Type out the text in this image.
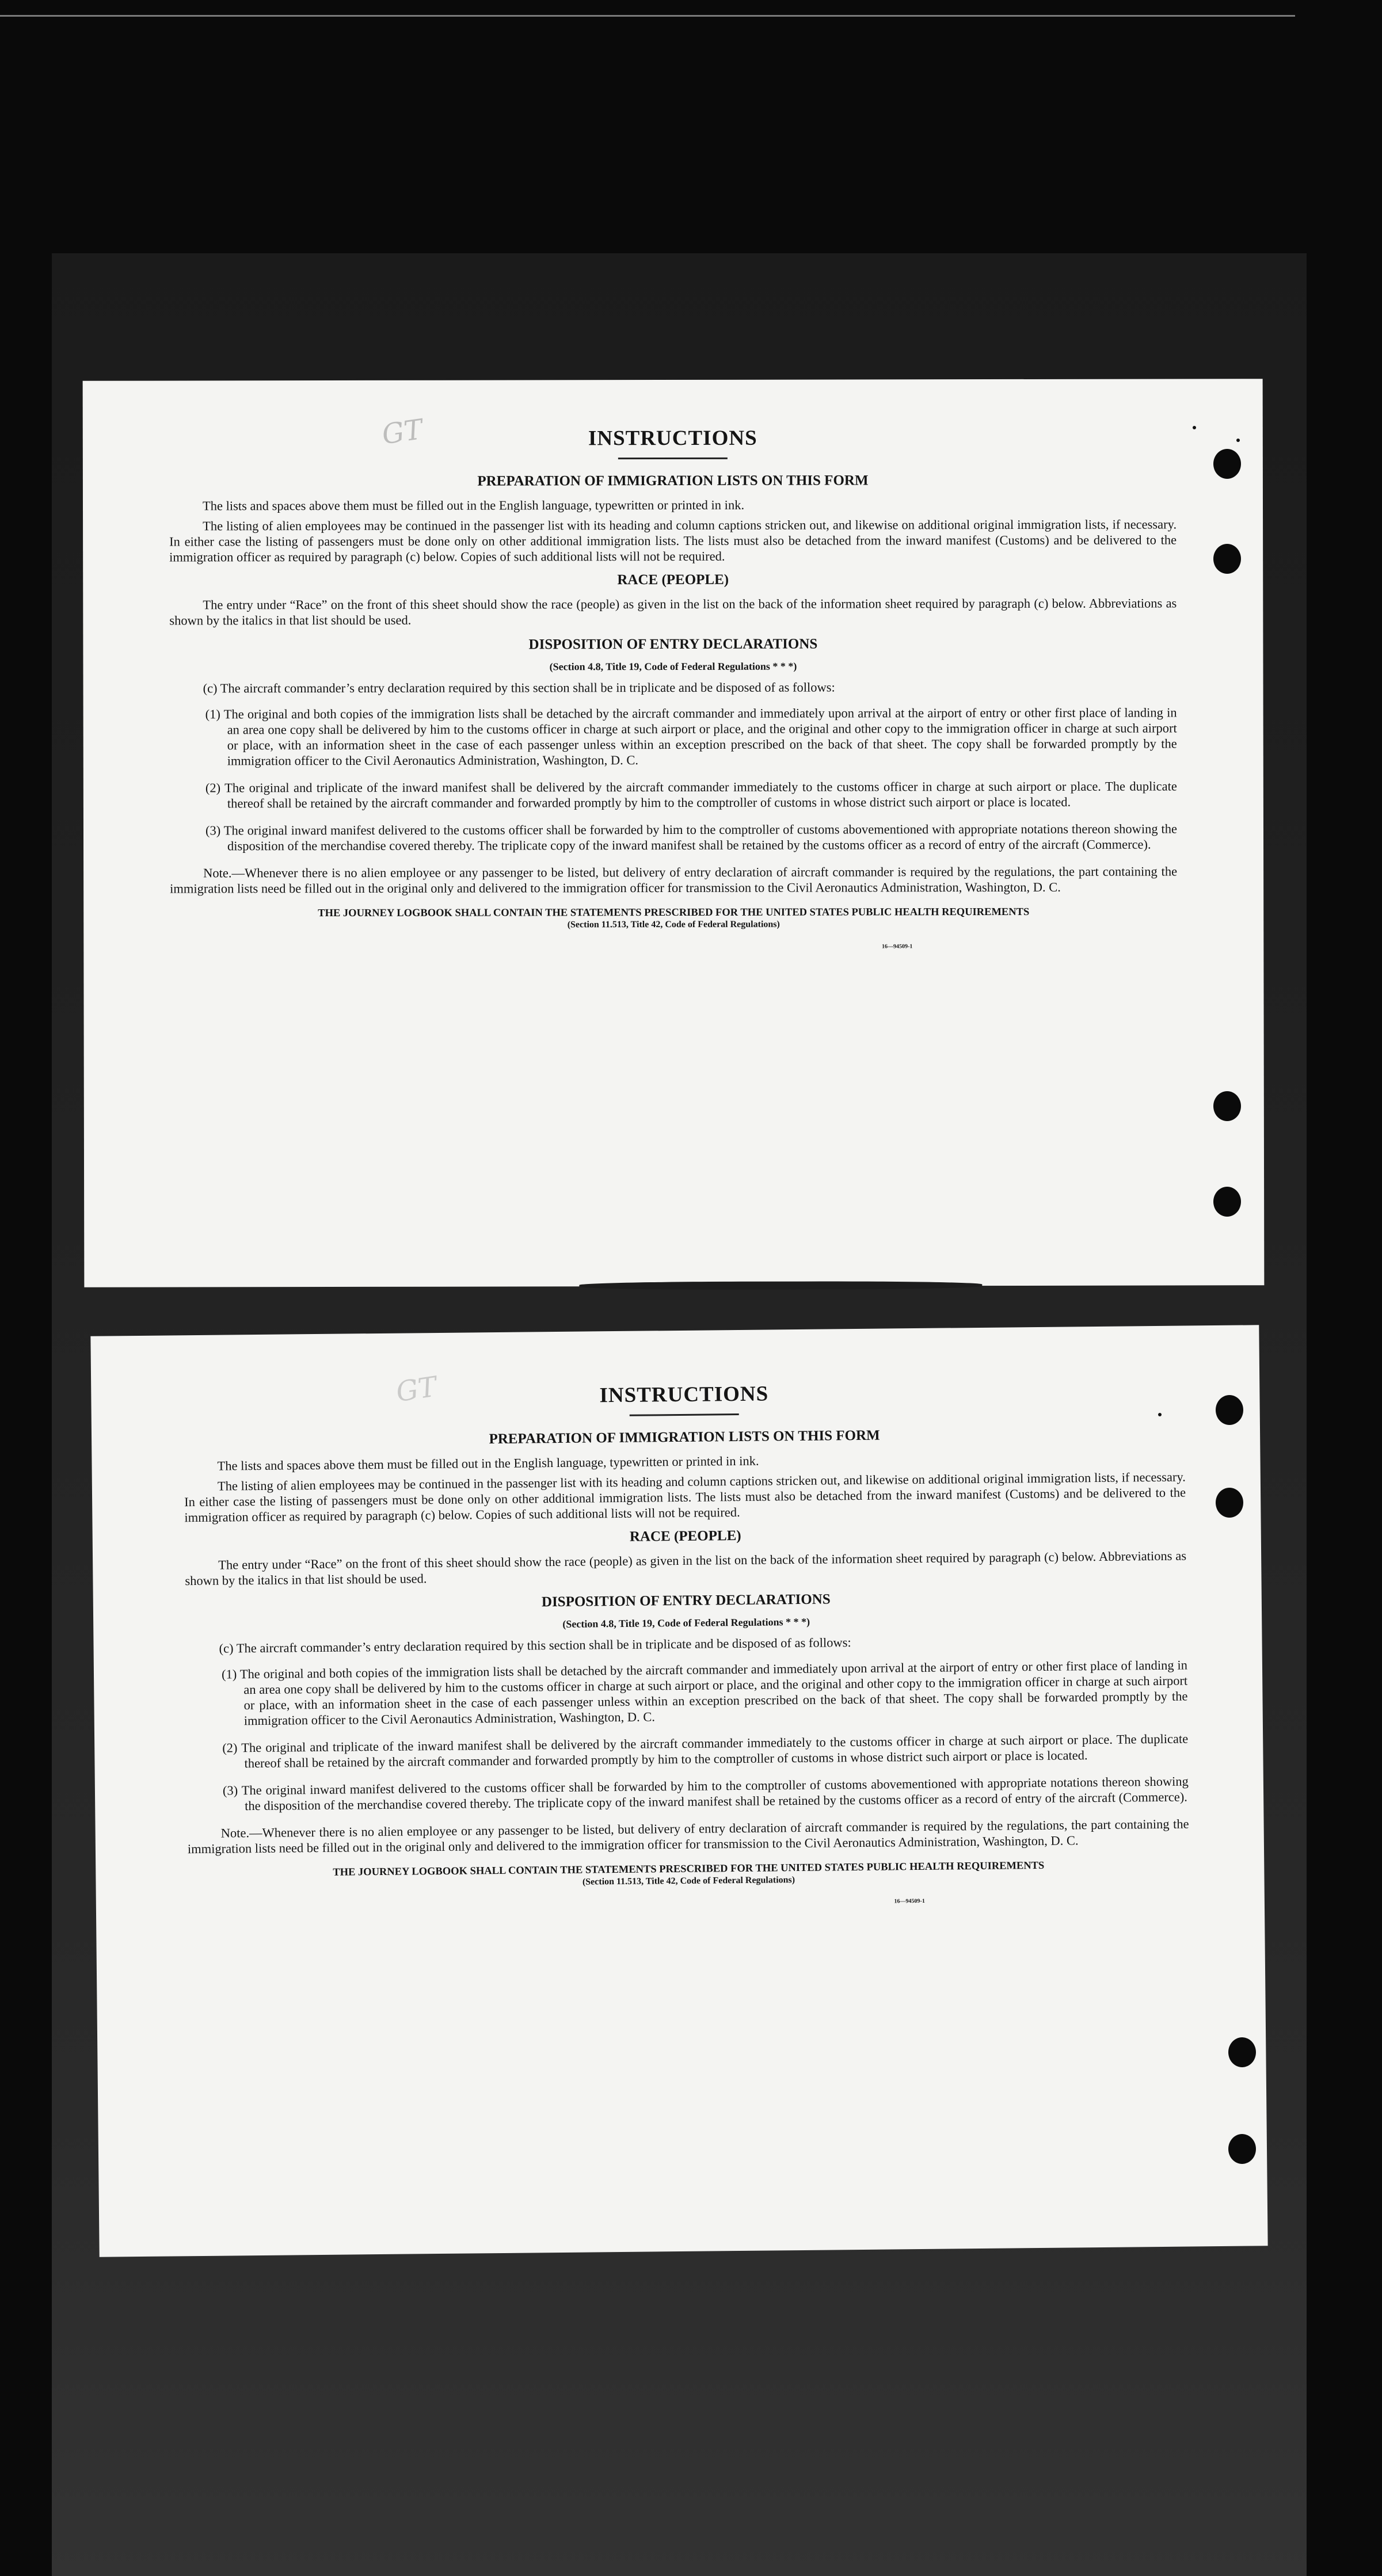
GT	INSTRUCTIONS
PREPARATION OF IMMIGRATION LISTS ON THIS FORM

The lists and spaces above them must be filled out in the English language, typewritten or printed in ink.

The listing of alien employees may be continued in the passenger list with its heading and column captions stricken out, and likewise on additional original immigration lists, if necessary. In either case the listing of passengers must be done only on other additional immigration lists. The lists must also be detached from the inward manifest (Customs) and be delivered to the immigration officer as required by paragraph (c) below. Copies of such additional lists will not be required.

RACE (PEOPLE)

The entry under “Race” on the front of this sheet should show the race (people) as given in the list on the back of the information sheet required by paragraph (c) below. Abbreviations as shown by the italics in that list should be used.

DISPOSITION OF ENTRY DECLARATIONS
(Section 4.8, Title 19, Code of Federal Regulations * * *)

(c) The aircraft commander’s entry declaration required by this section shall be in triplicate and be disposed of as follows:

(1) The original and both copies of the immigration lists shall be detached by the aircraft commander and immediately upon arrival at the airport of entry or other first place of landing in an area one copy shall be delivered by him to the customs officer in charge at such airport or place, and the original and other copy to the immigration officer in charge at such airport or place, with an information sheet in the case of each passenger unless within an exception prescribed on the back of that sheet. The copy shall be forwarded promptly by the immigration officer to the Civil Aeronautics Administration, Washington, D. C.

(2) The original and triplicate of the inward manifest shall be delivered by the aircraft commander immediately to the customs officer in charge at such airport or place. The duplicate thereof shall be retained by the aircraft commander and forwarded promptly by him to the comptroller of customs in whose district such airport or place is located.

(3) The original inward manifest delivered to the customs officer shall be forwarded by him to the comptroller of customs abovementioned with appropriate notations thereon showing the disposition of the merchandise covered thereby. The triplicate copy of the inward manifest shall be retained by the customs officer as a record of entry of the aircraft (Commerce).

Note.—Whenever there is no alien employee or any passenger to be listed, but delivery of entry declaration of aircraft commander is required by the regulations, the part containing the immigration lists need be filled out in the original only and delivered to the immigration officer for transmission to the Civil Aeronautics Administration, Washington, D. C.

THE JOURNEY LOGBOOK SHALL CONTAIN THE STATEMENTS PRESCRIBED FOR THE UNITED STATES PUBLIC HEALTH REQUIREMENTS

(Section 11.513, Title 42, Code of Federal Regulations)

16—94509-1
GT	INSTRUCTIONS
PREPARATION OF IMMIGRATION LISTS ON THIS FORM

The lists and spaces above them must be filled out in the English language, typewritten or printed in ink.

The listing of alien employees may be continued in the passenger list with its heading and column captions stricken out, and likewise on additional original immigration lists, if necessary. In either case the listing of passengers must be done only on other additional immigration lists. The lists must also be detached from the inward manifest (Customs) and be delivered to the immigration officer as required by paragraph (c) below. Copies of such additional lists will not be required.

RACE (PEOPLE)

The entry under “Race” on the front of this sheet should show the race (people) as given in the list on the back of the information sheet required by paragraph (c) below. Abbreviations as shown by the italics in that list should be used.

DISPOSITION OF ENTRY DECLARATIONS
(Section 4.8, Title 19, Code of Federal Regulations * * *)

(c) The aircraft commander’s entry declaration required by this section shall be in triplicate and be disposed of as follows:

(1) The original and both copies of the immigration lists shall be detached by the aircraft commander and immediately upon arrival at the airport of entry or other first place of landing in an area one copy shall be delivered by him to the customs officer in charge at such airport or place, and the original and other copy to the immigration officer in charge at such airport or place, with an information sheet in the case of each passenger unless within an exception prescribed on the back of that sheet. The copy shall be forwarded promptly by the immigration officer to the Civil Aeronautics Administration, Washington, D. C.

(2) The original and triplicate of the inward manifest shall be delivered by the aircraft commander immediately to the customs officer in charge at such airport or place. The duplicate thereof shall be retained by the aircraft commander and forwarded promptly by him to the comptroller of customs in whose district such airport or place is located.

(3) The original inward manifest delivered to the customs officer shall be forwarded by him to the comptroller of customs abovementioned with appropriate notations thereon showing the disposition of the merchandise covered thereby. The triplicate copy of the inward manifest shall be retained by the customs officer as a record of entry of the aircraft (Commerce).

Note.—Whenever there is no alien employee or any passenger to be listed, but delivery of entry declaration of aircraft commander is required by the regulations, the part containing the immigration lists need be filled out in the original only and delivered to the immigration officer for transmission to the Civil Aeronautics Administration, Washington, D. C.

THE JOURNEY LOGBOOK SHALL CONTAIN THE STATEMENTS PRESCRIBED FOR THE UNITED STATES PUBLIC HEALTH REQUIREMENTS

(Section 11.513, Title 42, Code of Federal Regulations)

16—94509-1
